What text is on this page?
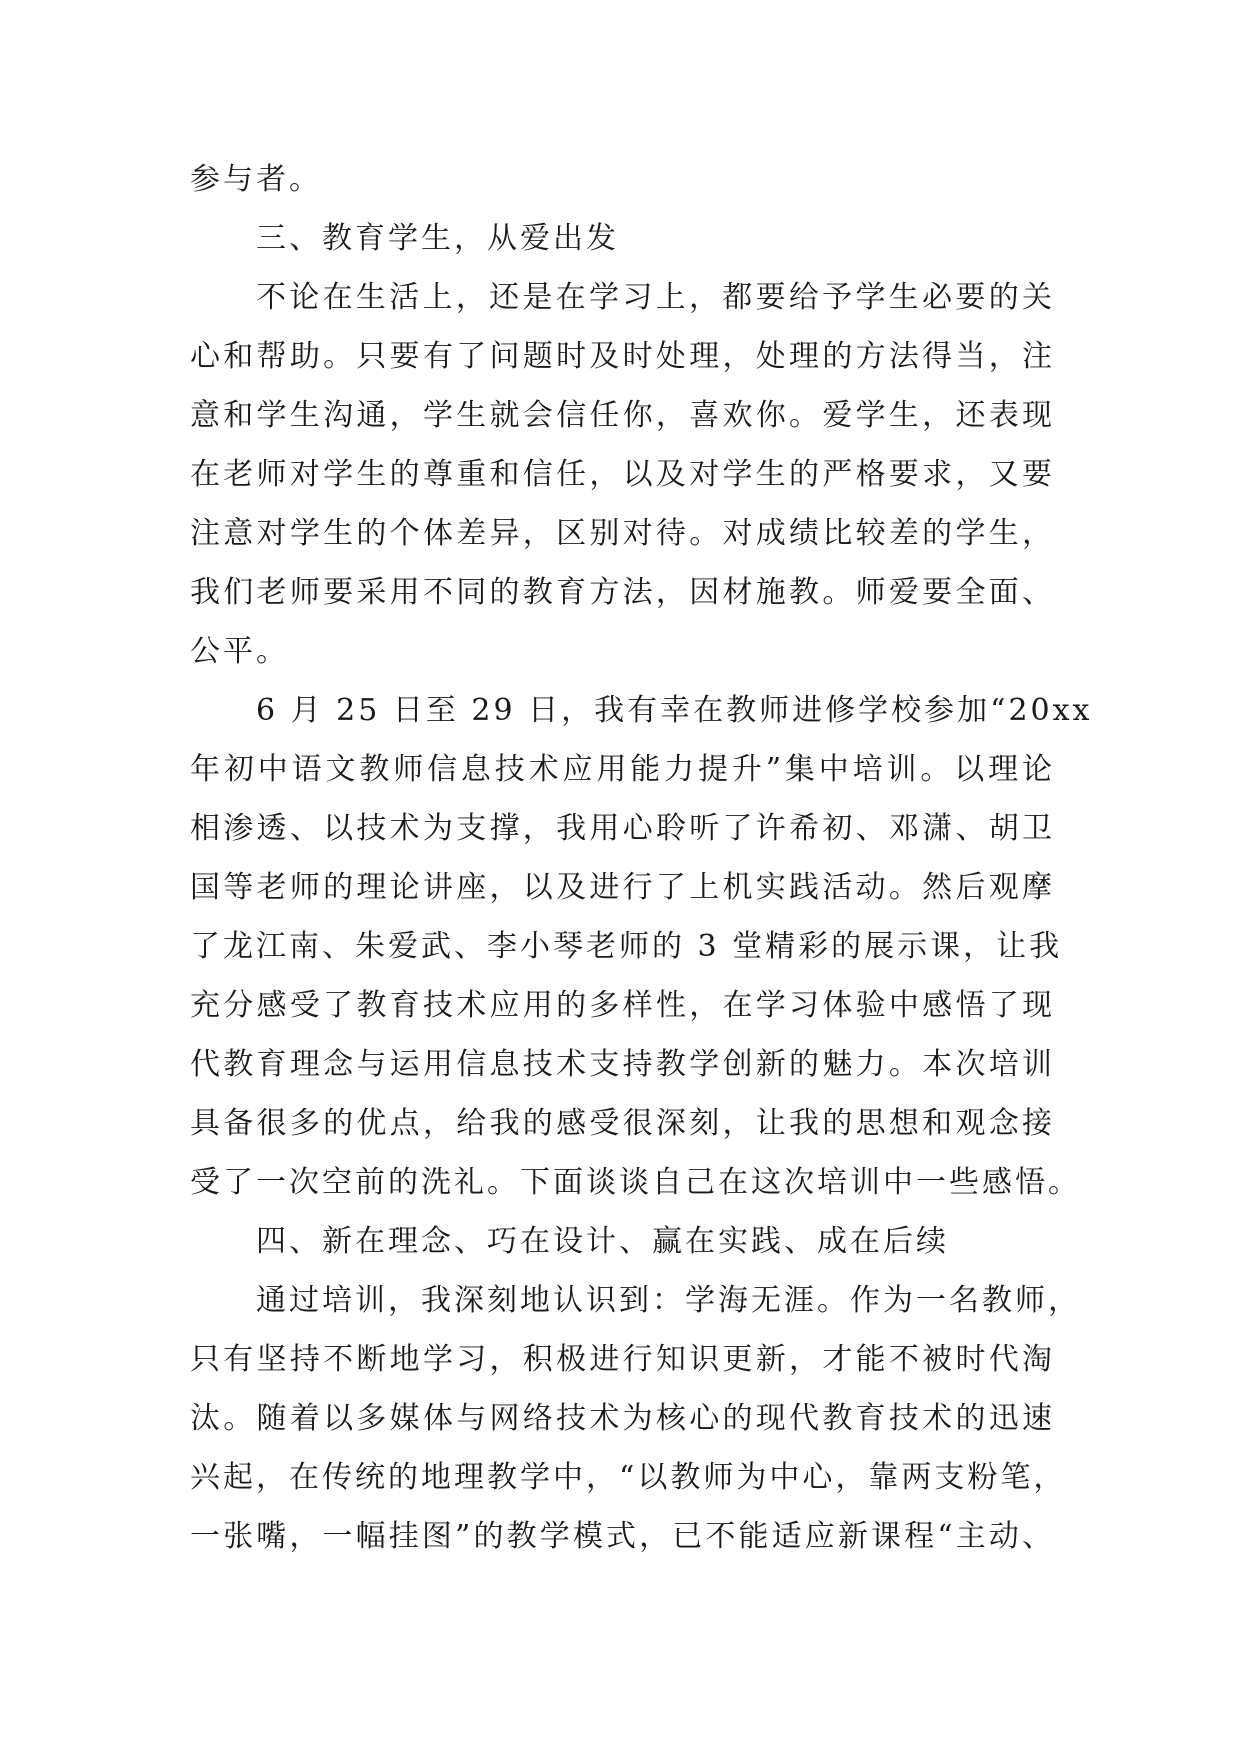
参与者。
三、教育学生，从爱出发
不论在生活上，还是在学习上，都要给予学生必要的关
心和帮助。只要有了问题时及时处理，处理的方法得当，注
意和学生沟通，学生就会信任你，喜欢你。爱学生，还表现
在老师对学生的尊重和信任，以及对学生的严格要求，又要
注意对学生的个体差异，区别对待。对成绩比较差的学生，
我们老师要采用不同的教育方法，因材施教。师爱要全面、
公平。
6 月 25 日至 29 日，我有幸在教师进修学校参加“20xx
年初中语文教师信息技术应用能力提升”集中培训。以理论
相渗透、以技术为支撑，我用心聆听了许希初、邓潇、胡卫
国等老师的理论讲座，以及进行了上机实践活动。然后观摩
了龙江南、朱爱武、李小琴老师的 3 堂精彩的展示课，让我
充分感受了教育技术应用的多样性，在学习体验中感悟了现
代教育理念与运用信息技术支持教学创新的魅力。本次培训
具备很多的优点，给我的感受很深刻，让我的思想和观念接
受了一次空前的洗礼。下面谈谈自己在这次培训中一些感悟。
四、新在理念、巧在设计、赢在实践、成在后续
通过培训，我深刻地认识到：学海无涯。作为一名教师，
只有坚持不断地学习，积极进行知识更新，才能不被时代淘
汰。随着以多媒体与网络技术为核心的现代教育技术的迅速
兴起，在传统的地理教学中，“以教师为中心，靠两支粉笔，
一张嘴，一幅挂图”的教学模式，已不能适应新课程“主动、
